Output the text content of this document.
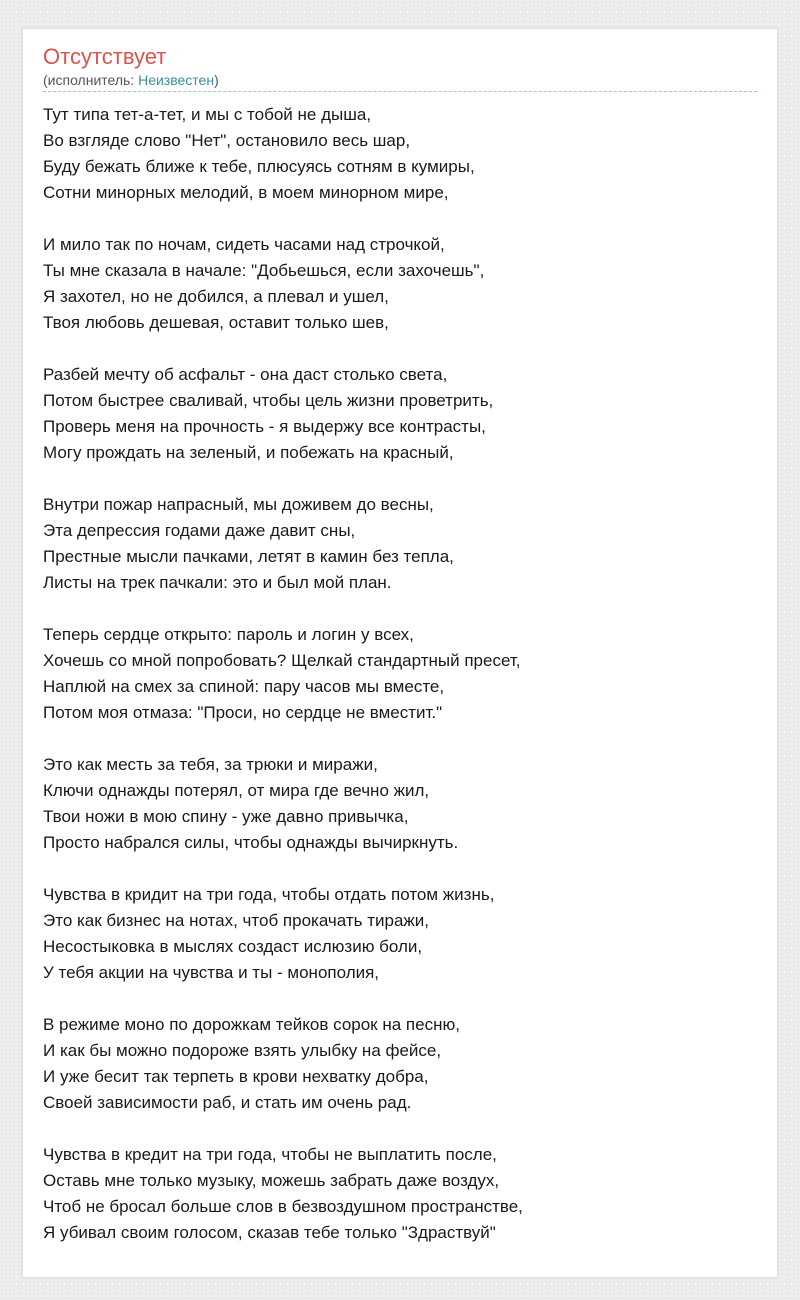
Отсутствует
(исполнитель: Неизвестен)
Тут типа тет-а-тет, и мы с тобой не дыша,
Во взгляде слово "Нет", остановило весь шар,
Буду бежать ближе к тебе, плюсуясь сотням в кумиры,
Сотни минорных мелодий, в моем минорном мире,
И мило так по ночам, сидеть часами над строчкой,
Ты мне сказала в начале: "Добьешься, если захочешь",
Я захотел, но не добился, а плевал и ушел,
Твоя любовь дешевая, оставит только шев,
Разбей мечту об асфальт - она даст столько света,
Потом быстрее сваливай, чтобы цель жизни проветрить,
Проверь меня на прочность - я выдержу все контрасты,
Могу прождать на зеленый, и побежать на красный,
Внутри пожар напрасный, мы доживем до весны,
Эта депрессия годами даже давит сны,
Престные мысли пачками, летят в камин без тепла,
Листы на трек пачкали: это и был мой план.
Теперь сердце открыто: пароль и логин у всех,
Хочешь со мной попробовать? Щелкай стандартный пресет,
Наплюй на смех за спиной: пару часов мы вместе,
Потом моя отмаза: "Проси, но сердце не вместит."
Это как месть за тебя, за трюки и миражи,
Ключи однажды потерял, от мира где вечно жил,
Твои ножи в мою спину - уже давно привычка,
Просто набрался силы, чтобы однажды вычиркнуть.
Чувства в кридит на три года, чтобы отдать потом жизнь,
Это как бизнес на нотах, чтоб прокачать тиражи,
Несостыковка в мыслях создаст ислюзию боли,
У тебя акции на чувства и ты - монополия,
В режиме моно по дорожкам тейков сорок на песню,
И как бы можно подороже взять улыбку на фейсе,
И уже бесит так терпеть в крови нехватку добра,
Своей зависимости раб, и стать им очень рад.
Чувства в кредит на три года, чтобы не выплатить после,
Оставь мне только музыку, можешь забрать даже воздух,
Чтоб не бросал больше слов в безвоздушном пространстве,
Я убивал своим голосом, сказав тебе только "Здраствуй"
